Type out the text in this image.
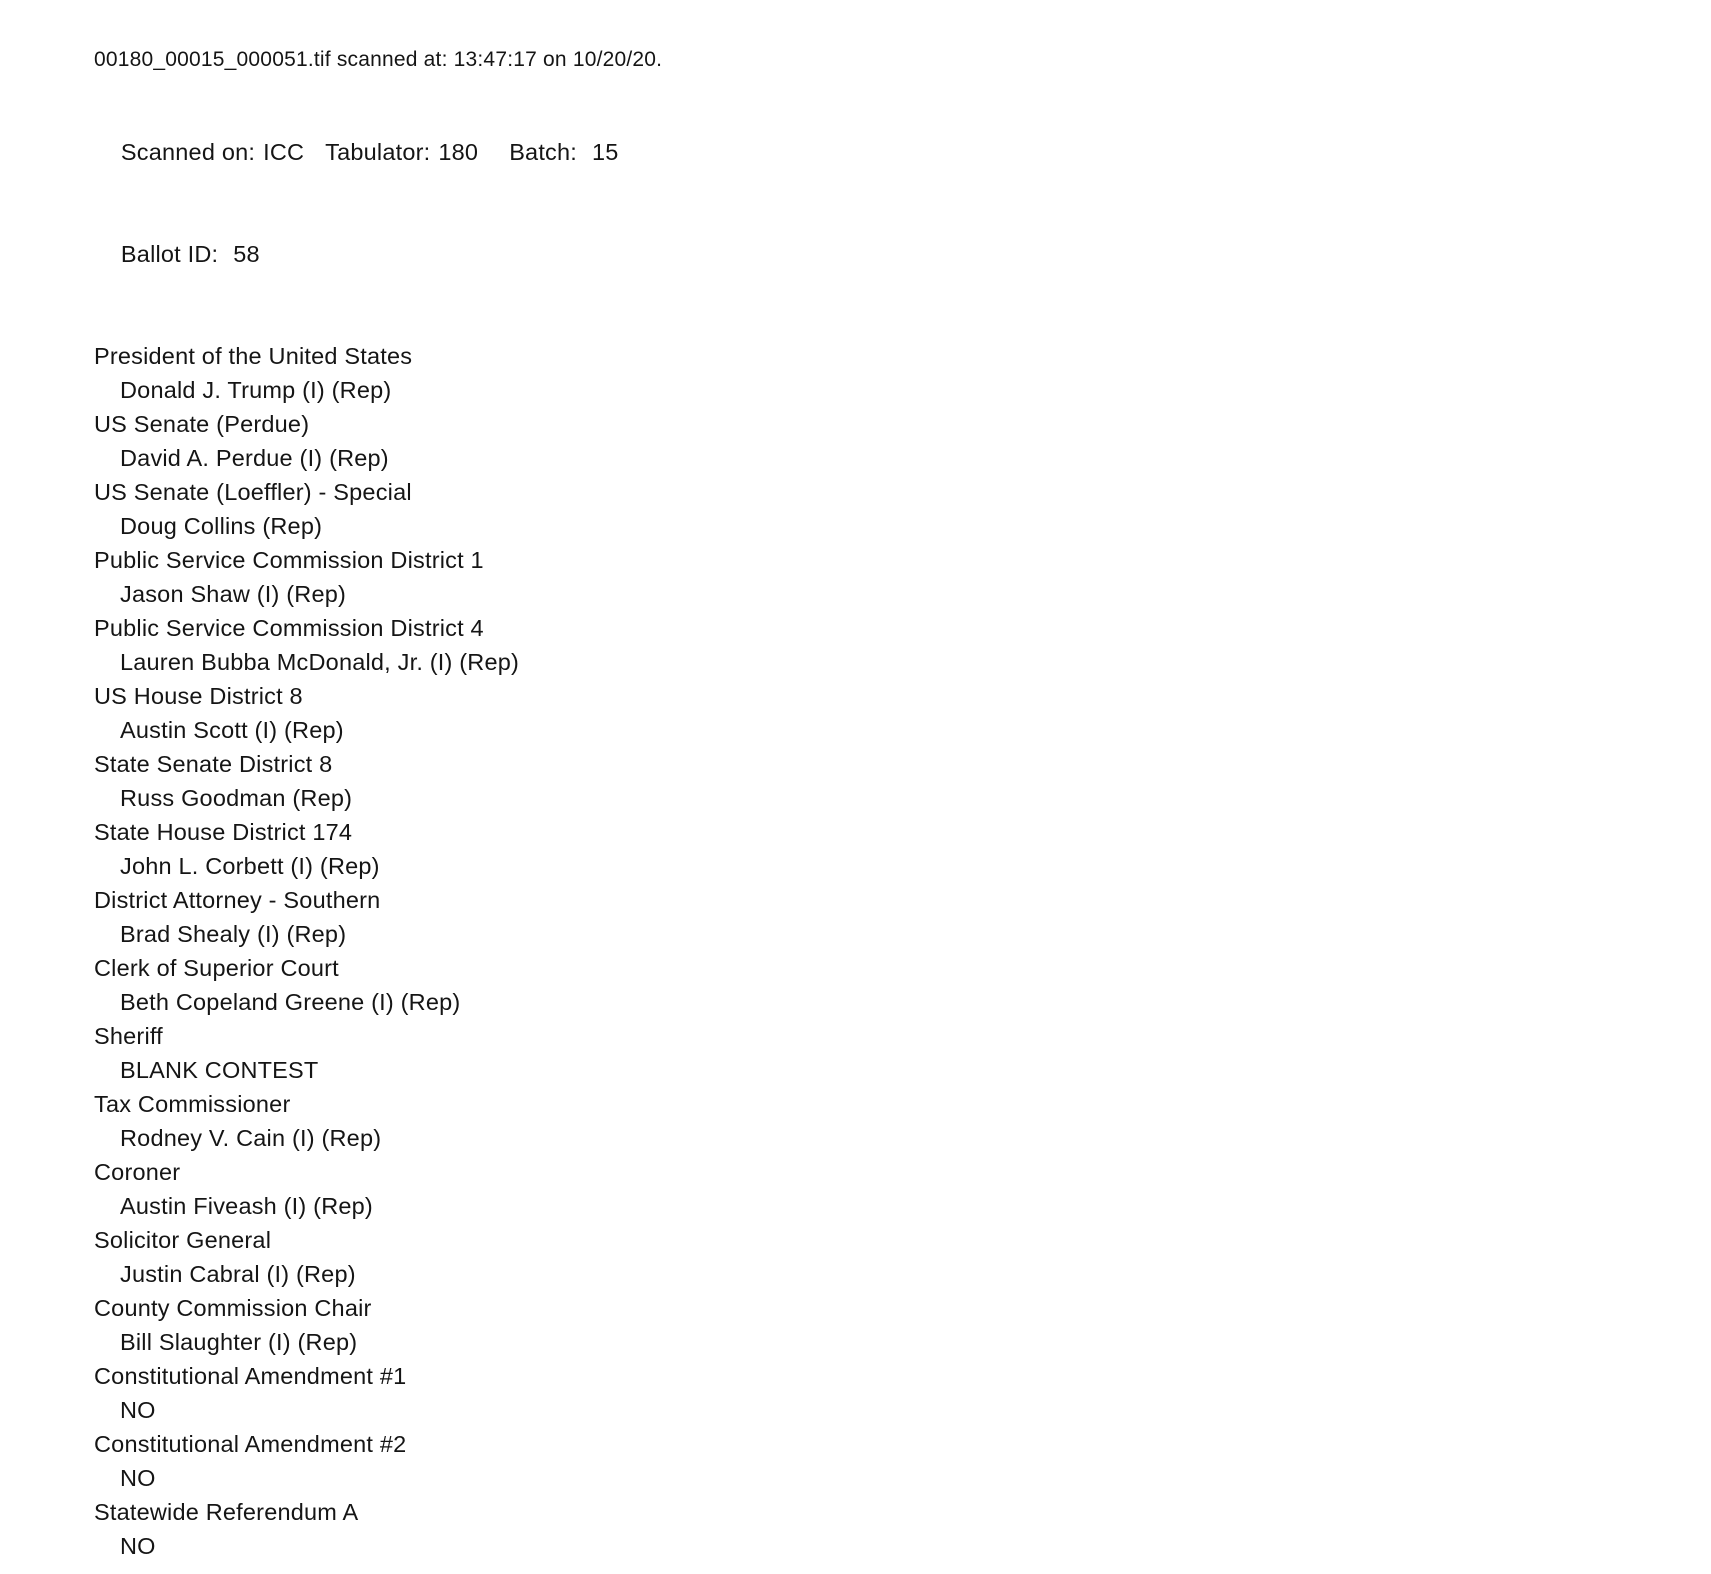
00180_00015_000051.tif scanned at: 13:47:17 on 10/20/20.

Scanned on: ICC Tabulator: 180 Batch: 15

Ballot ID: 58

President of the United States
Donald J. Trump (I) (Rep)
US Senate (Perdue)
David A. Perdue (I) (Rep)
US Senate (Loeffler) - Special
Doug Collins (Rep)
Public Service Commission District 1
Jason Shaw (I) (Rep)
Public Service Commission District 4
Lauren Bubba McDonald, Jr. (I) (Rep)
US House District 8
Austin Scott (I) (Rep)
State Senate District 8
Russ Goodman (Rep)
State House District 174
John L. Corbett (I) (Rep)
District Attorney - Southern
Brad Shealy (I) (Rep)
Clerk of Superior Court
Beth Copeland Greene (I) (Rep)
Sheriff
BLANK CONTEST
Tax Commissioner
Rodney V. Cain (I) (Rep)
Coroner
Austin Fiveash (I) (Rep)
Solicitor General
Justin Cabral (I) (Rep)
County Commission Chair
Bill Slaughter (I) (Rep)
Constitutional Amendment #1
NO
Constitutional Amendment #2
NO
Statewide Referendum A
NO
